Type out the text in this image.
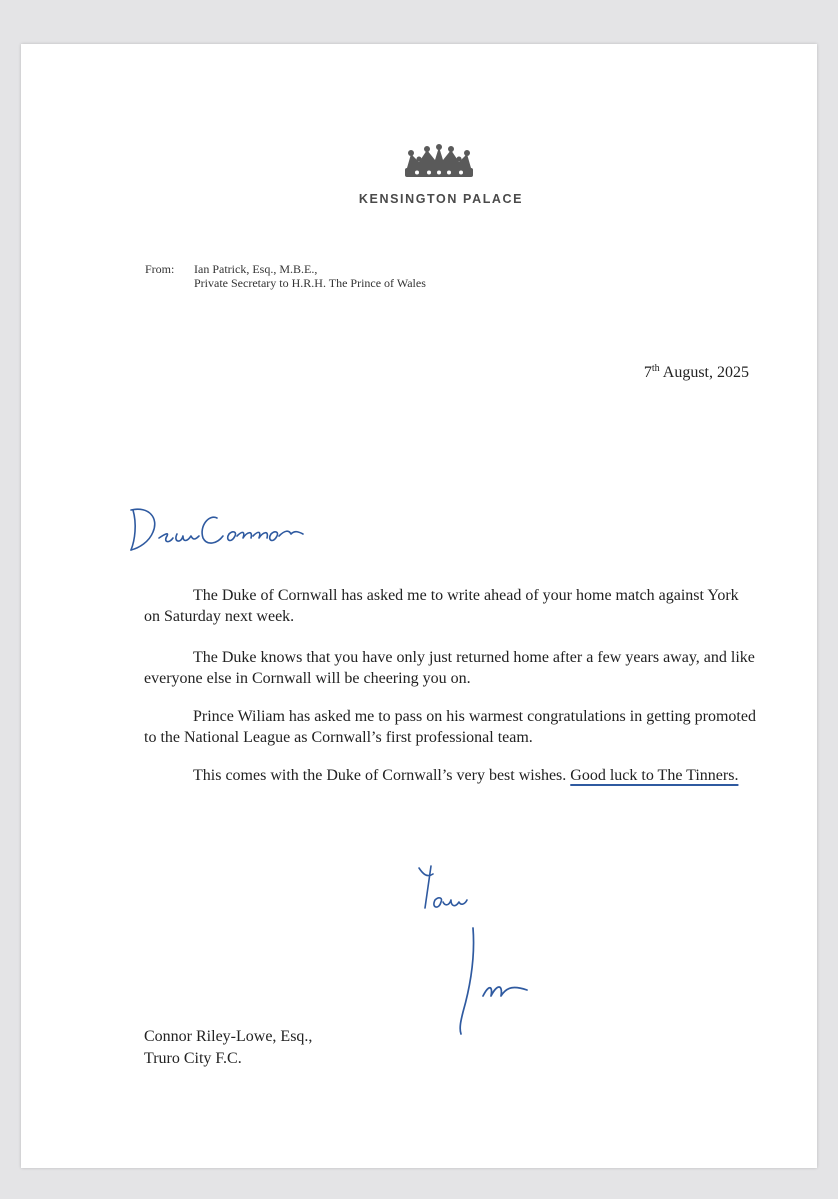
KENSINGTON PALACE
From: Ian Patrick, Esq., M.B.E.,
Private Secretary to H.R.H. The Prince of Wales
7th August, 2025
The Duke of Cornwall has asked me to write ahead of your home match against York on Saturday next week.
The Duke knows that you have only just returned home after a few years away, and like everyone else in Cornwall will be cheering you on.
Prince Wiliam has asked me to pass on his warmest congratulations in getting promoted to the National League as Cornwall’s first professional team.
This comes with the Duke of Cornwall’s very best wishes. Good luck to The Tinners.
Connor Riley-Lowe, Esq.,
Truro City F.C.
